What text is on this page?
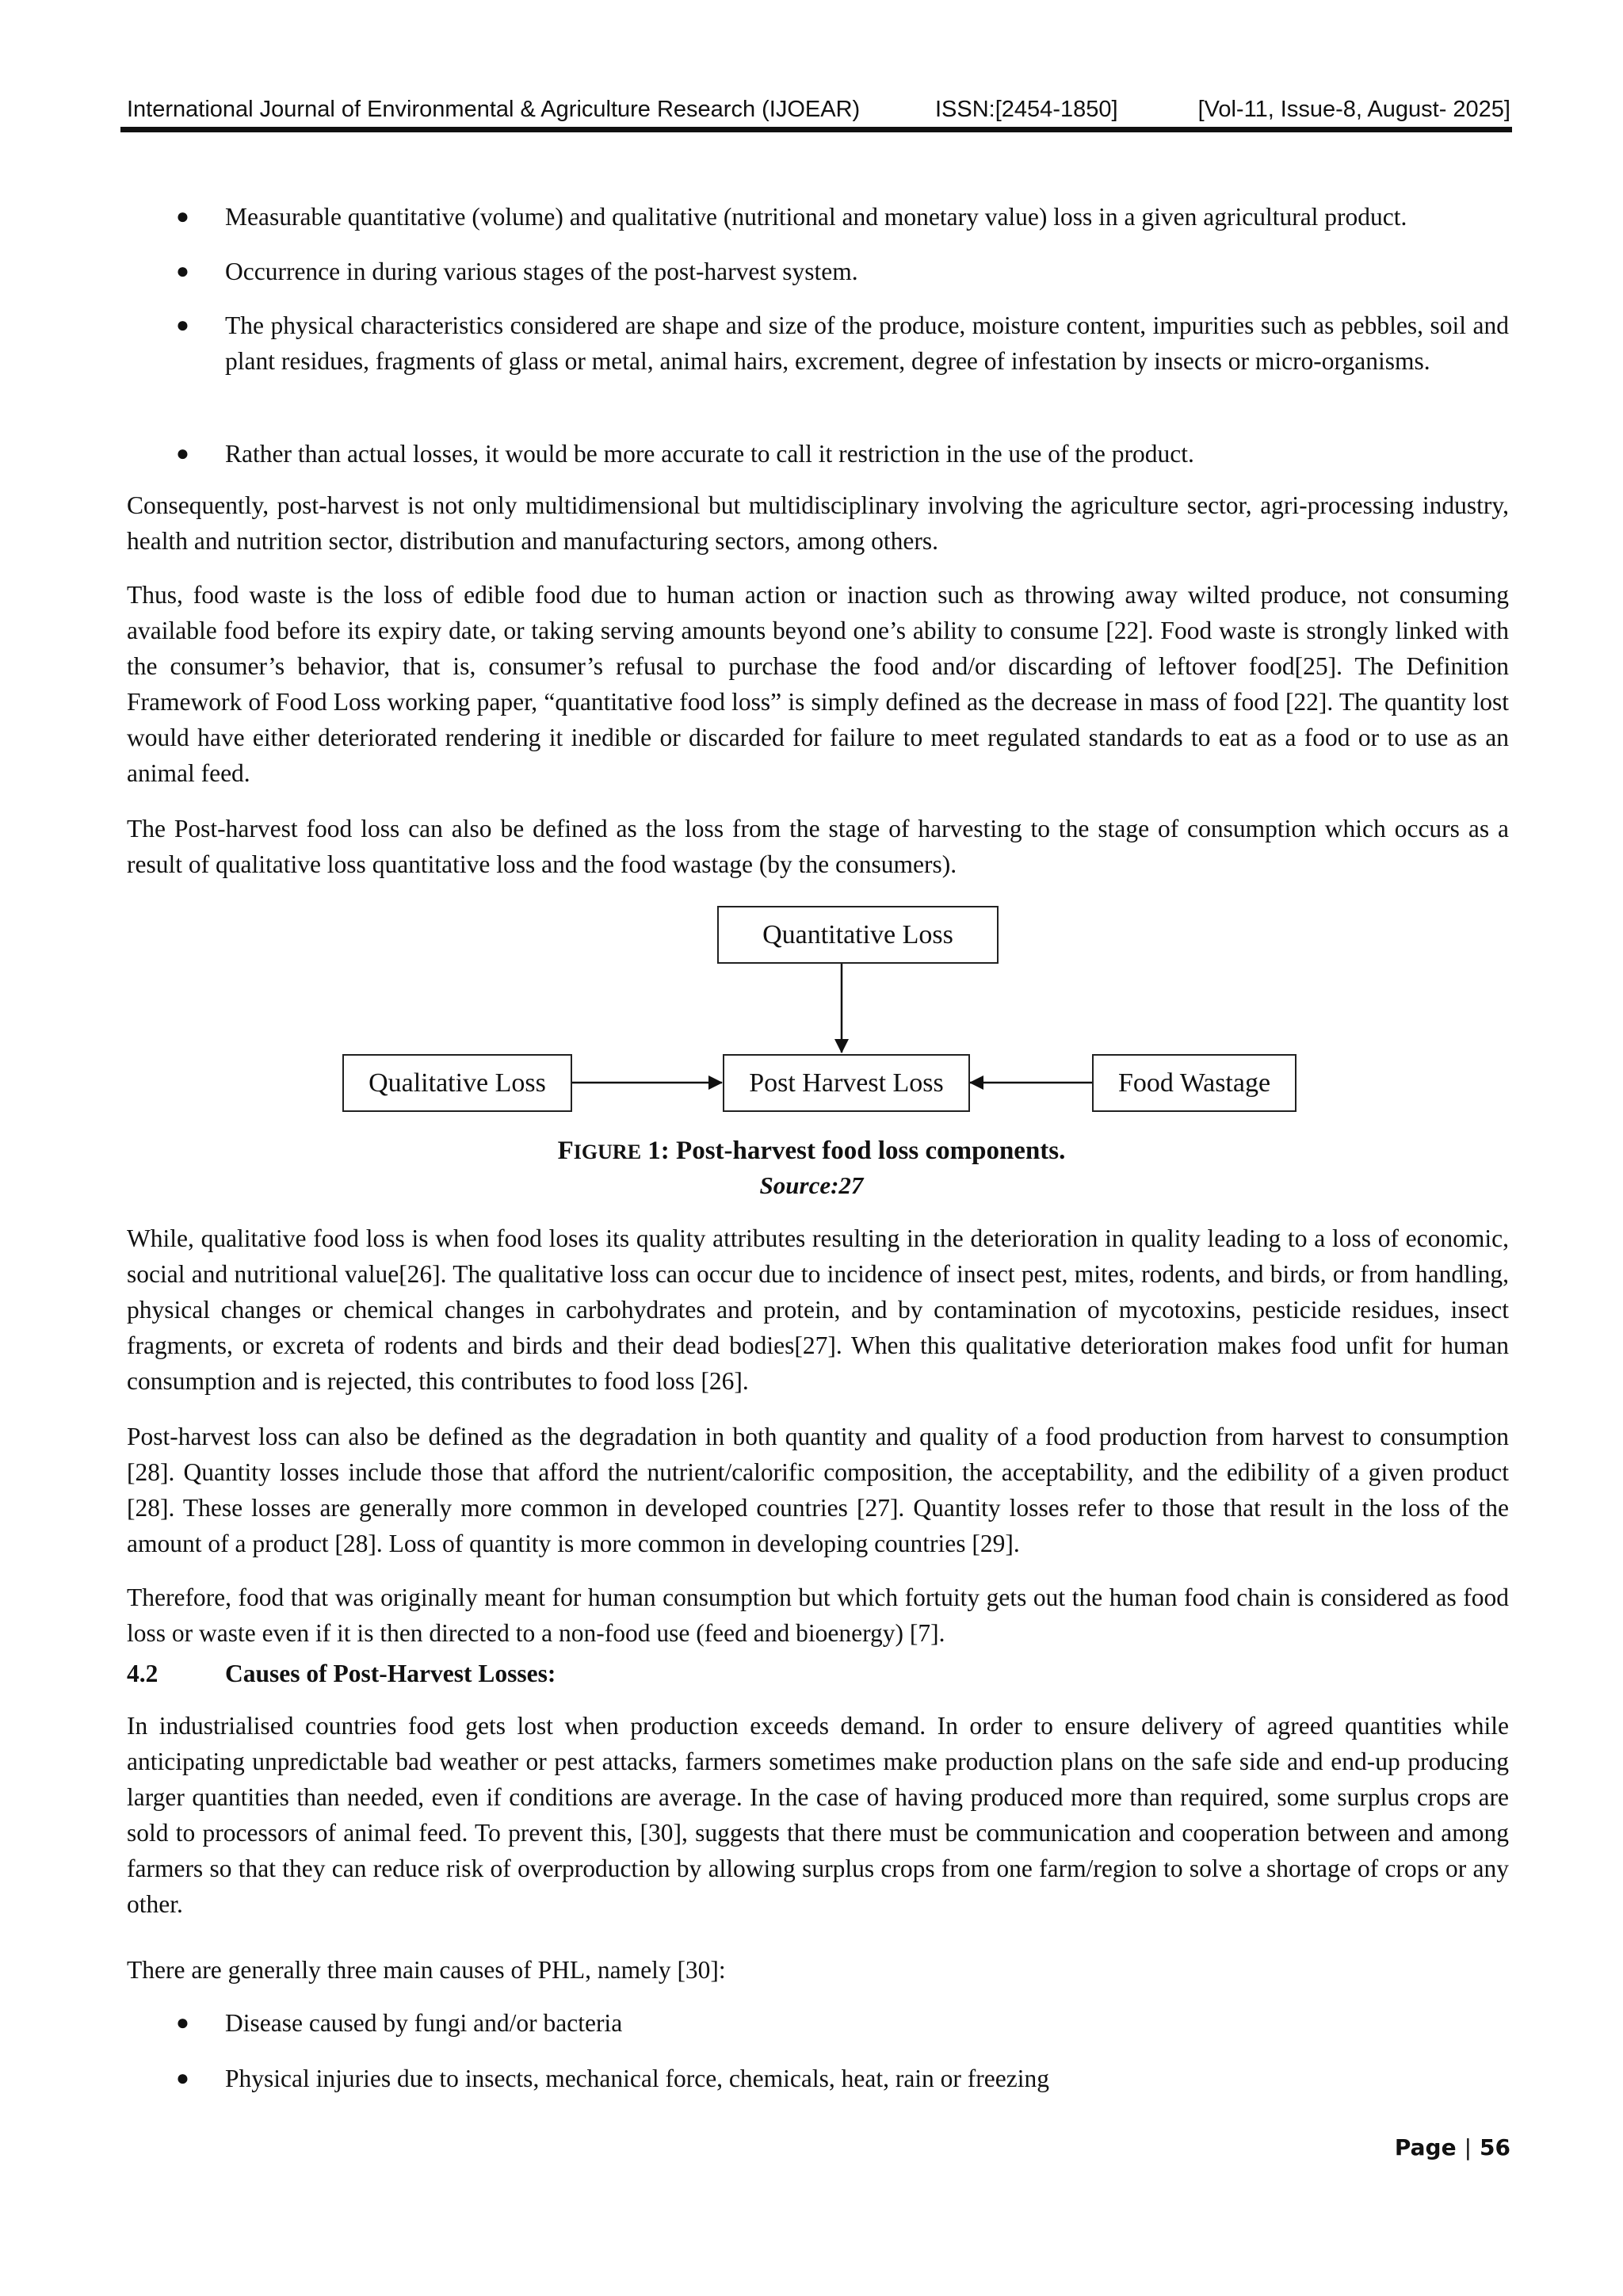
International Journal of Environmental & Agriculture Research (IJOEAR)	ISSN:[2454-1850]	[Vol-11, Issue-8, August- 2025]
● Measurable quantitative (volume) and qualitative (nutritional and monetary value) loss in a given agricultural product.
● Occurrence in during various stages of the post-harvest system.
● The physical characteristics considered are shape and size of the produce, moisture content, impurities such as pebbles, soil and plant residues, fragments of glass or metal, animal hairs, excrement, degree of infestation by insects or micro-organisms.
● Rather than actual losses, it would be more accurate to call it restriction in the use of the product.

Consequently, post-harvest is not only multidimensional but multidisciplinary involving the agriculture sector, agri-processing industry, health and nutrition sector, distribution and manufacturing sectors, among others.

Thus, food waste is the loss of edible food due to human action or inaction such as throwing away wilted produce, not consuming available food before its expiry date, or taking serving amounts beyond one’s ability to consume [22]. Food waste is strongly linked with the consumer’s behavior, that is, consumer’s refusal to purchase the food and/or discarding of leftover food[25]. The Definition Framework of Food Loss working paper, “quantitative food loss” is simply defined as the decrease in mass of food [22]. The quantity lost would have either deteriorated rendering it inedible or discarded for failure to meet regulated standards to eat as a food or to use as an animal feed.

The Post-harvest food loss can also be defined as the loss from the stage of harvesting to the stage of consumption which occurs as a result of qualitative loss quantitative loss and the food wastage (by the consumers).

Quantitative Loss
Qualitative Loss	Post Harvest Loss	Food Wastage
FIGURE 1: Post-harvest food loss components.
Source:27

While, qualitative food loss is when food loses its quality attributes resulting in the deterioration in quality leading to a loss of economic, social and nutritional value[26]. The qualitative loss can occur due to incidence of insect pest, mites, rodents, and birds, or from handling, physical changes or chemical changes in carbohydrates and protein, and by contamination of mycotoxins, pesticide residues, insect fragments, or excreta of rodents and birds and their dead bodies[27]. When this qualitative deterioration makes food unfit for human consumption and is rejected, this contributes to food loss [26].

Post-harvest loss can also be defined as the degradation in both quantity and quality of a food production from harvest to consumption [28]. Quantity losses include those that afford the nutrient/calorific composition, the acceptability, and the edibility of a given product [28]. These losses are generally more common in developed countries [27]. Quantity losses refer to those that result in the loss of the amount of a product [28]. Loss of quantity is more common in developing countries [29].

Therefore, food that was originally meant for human consumption but which fortuity gets out the human food chain is considered as food loss or waste even if it is then directed to a non-food use (feed and bioenergy) [7].

4.2	Causes of Post-Harvest Losses:

In industrialised countries food gets lost when production exceeds demand. In order to ensure delivery of agreed quantities while anticipating unpredictable bad weather or pest attacks, farmers sometimes make production plans on the safe side and end-up producing larger quantities than needed, even if conditions are average. In the case of having produced more than required, some surplus crops are sold to processors of animal feed. To prevent this, [30], suggests that there must be communication and cooperation between and among farmers so that they can reduce risk of overproduction by allowing surplus crops from one farm/region to solve a shortage of crops or any other.

There are generally three main causes of PHL, namely [30]:

● Disease caused by fungi and/or bacteria
● Physical injuries due to insects, mechanical force, chemicals, heat, rain or freezing
Page | 56
